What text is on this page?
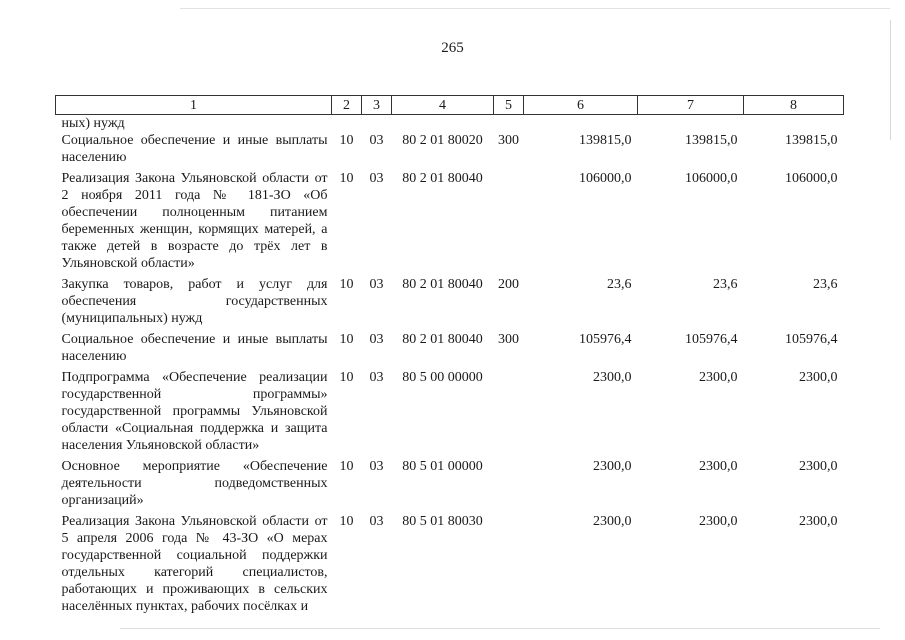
265
1	2	3	4	5	6	7	8
ных) нужд							
Социальное обеспечение и иные выплаты населению	10	03	80 2 01 80020	300	139815,0	139815,0	139815,0
Реализация Закона Ульяновской области от 2 ноября 2011 года № 181-ЗО «Об обеспечении полноценным питанием беременных женщин, кормящих матерей, а также детей в возрасте до трёх лет в Ульяновской области»	10	03	80 2 01 80040		106000,0	106000,0	106000,0
Закупка товаров, работ и услуг для обеспечения государственных (муниципальных) нужд	10	03	80 2 01 80040	200	23,6	23,6	23,6
Социальное обеспечение и иные выплаты населению	10	03	80 2 01 80040	300	105976,4	105976,4	105976,4
Подпрограмма «Обеспечение реализации государственной программы» государственной программы Ульяновской области «Социальная поддержка и защита населения Ульяновской области»	10	03	80 5 00 00000		2300,0	2300,0	2300,0
Основное мероприятие «Обеспечение деятельности подведомственных организаций»	10	03	80 5 01 00000		2300,0	2300,0	2300,0
Реализация Закона Ульяновской области от 5 апреля 2006 года № 43-ЗО «О мерах государственной социальной поддержки отдельных категорий специалистов, работающих и проживающих в сельских населённых пунктах, рабочих посёлках и	10	03	80 5 01 80030		2300,0	2300,0	2300,0
